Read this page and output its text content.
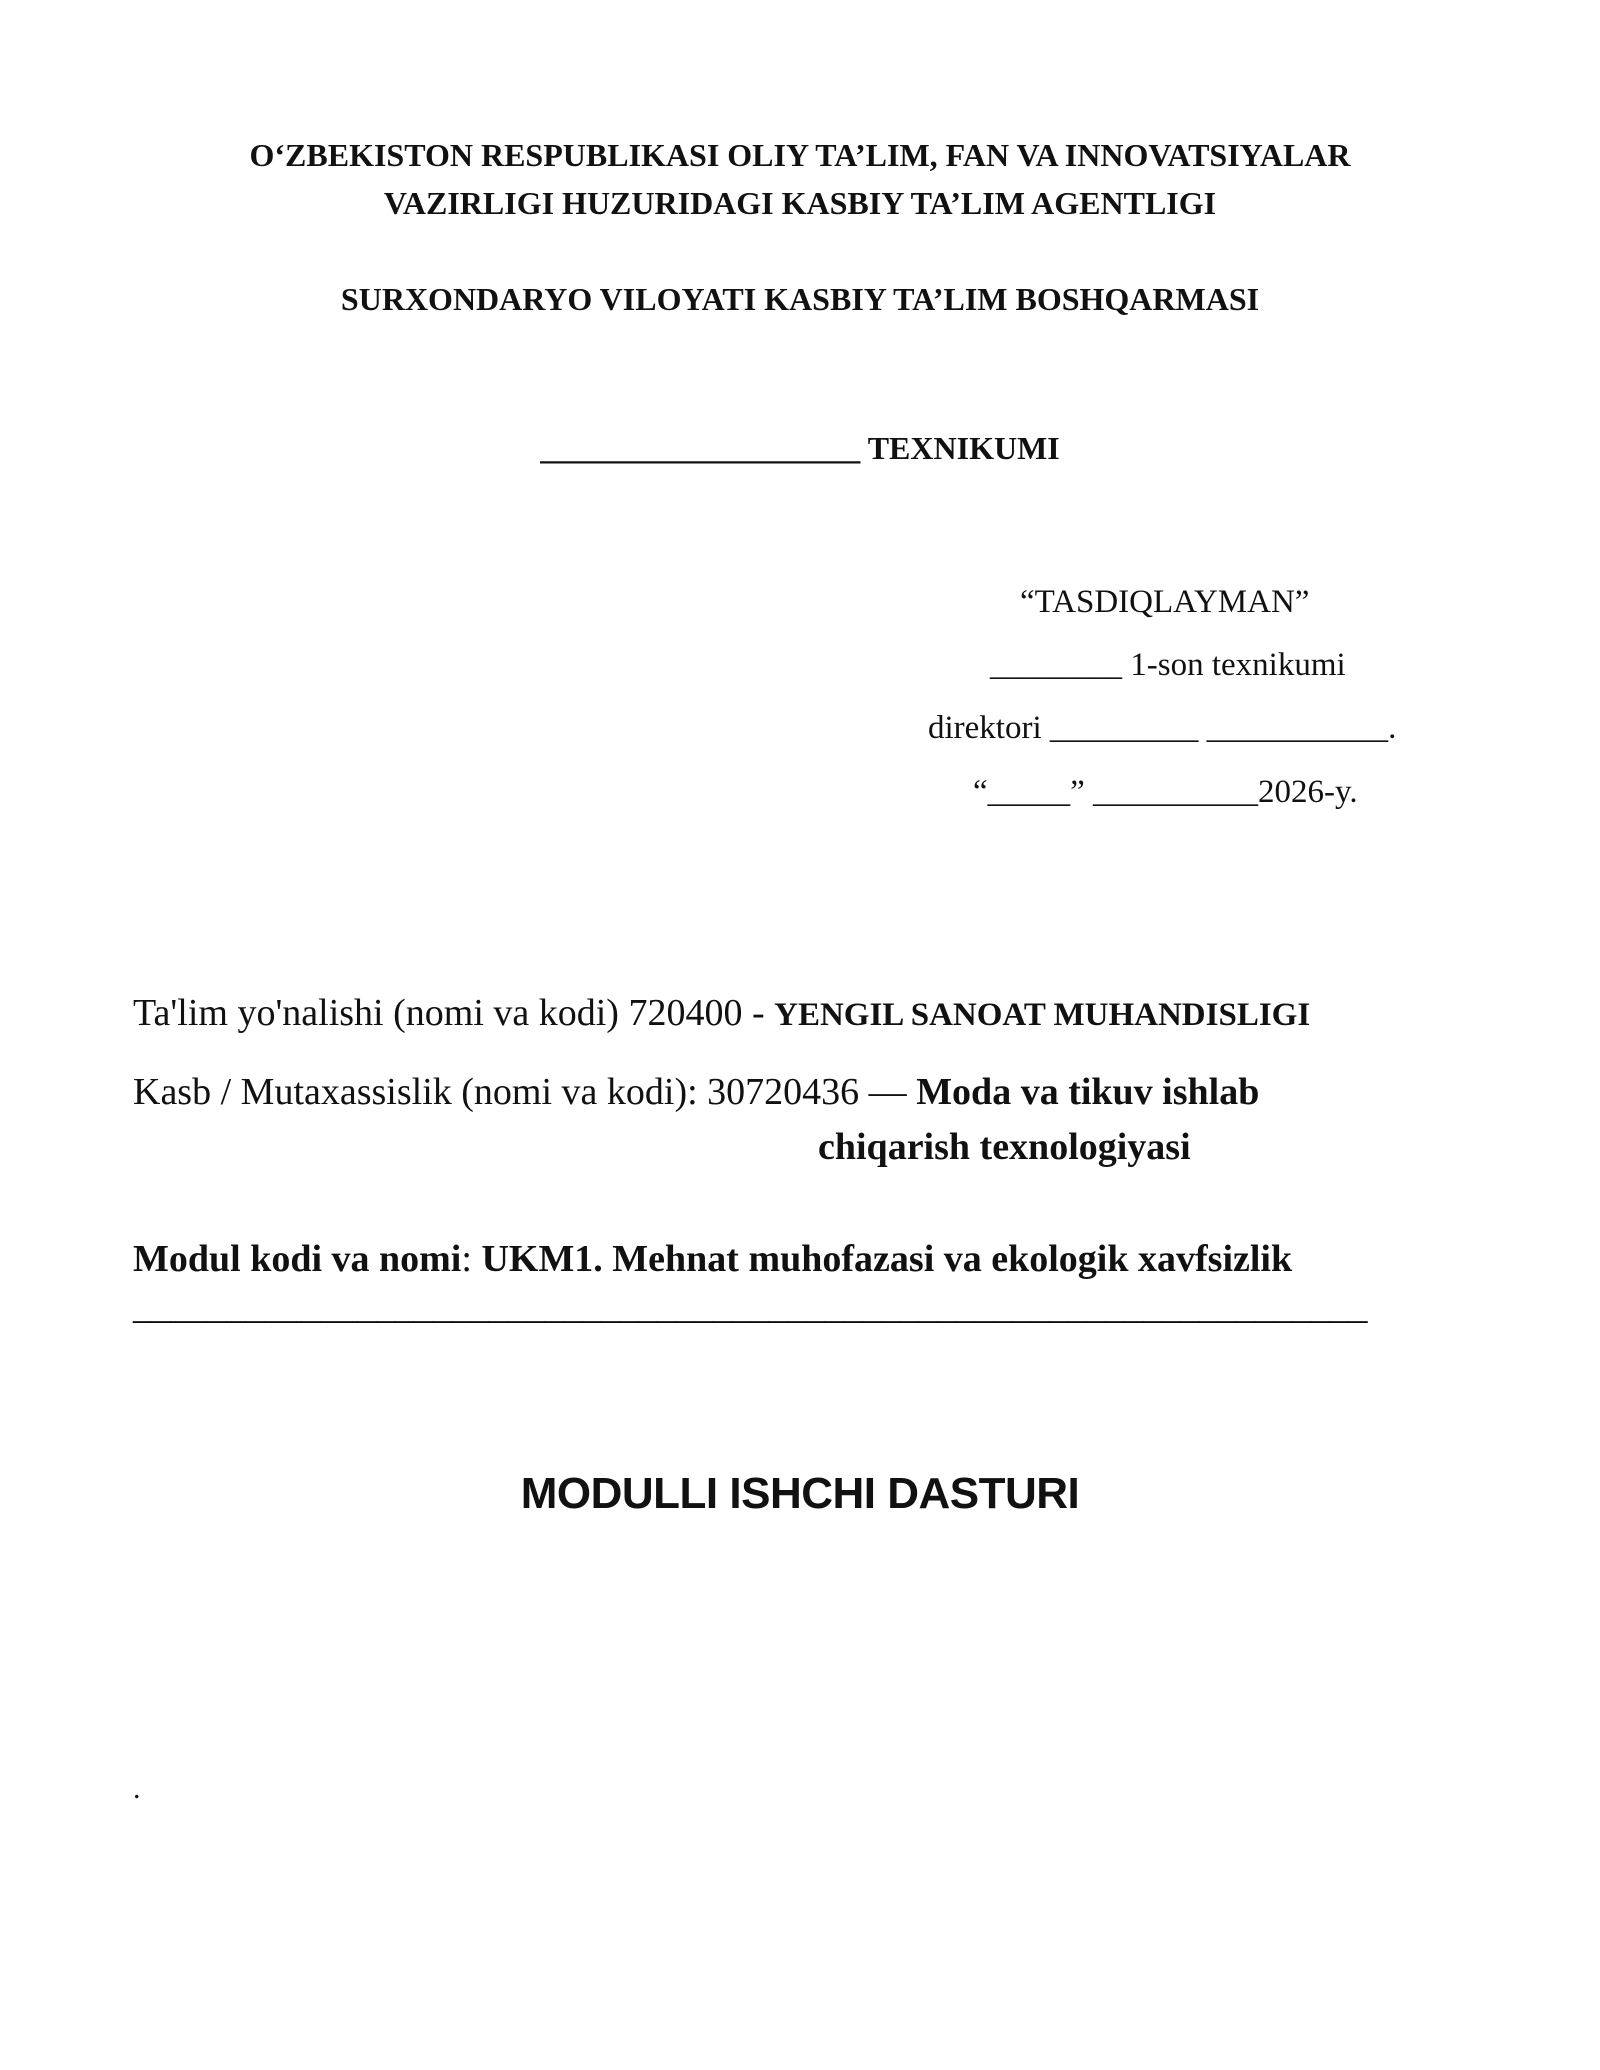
O‘ZBEKISTON RESPUBLIKASI OLIY TA’LIM, FAN VA INNOVATSIYALAR
VAZIRLIGI HUZURIDAGI KASBIY TA’LIM AGENTLIGI
SURXONDARYO VILOYATI KASBIY TA’LIM BOSHQARMASI
____________________ TEXNIKUMI
“TASDIQLAYMAN”
________ 1-son texnikumi
direktori _________ ___________.
“_____” __________2026-y.
Ta'lim yo'nalishi (nomi va kodi) 720400 - YENGIL SANOAT MUHANDISLIGI
Kasb / Mutaxassislik (nomi va kodi): 30720436 — Moda va tikuv ishlab
chiqarish texnologiyasi
Modul kodi va nomi: UKM1. Mehnat muhofazasi va ekologik xavfsizlik
__________________________________________________________________
MODULLI ISHCHI DASTURI
.
